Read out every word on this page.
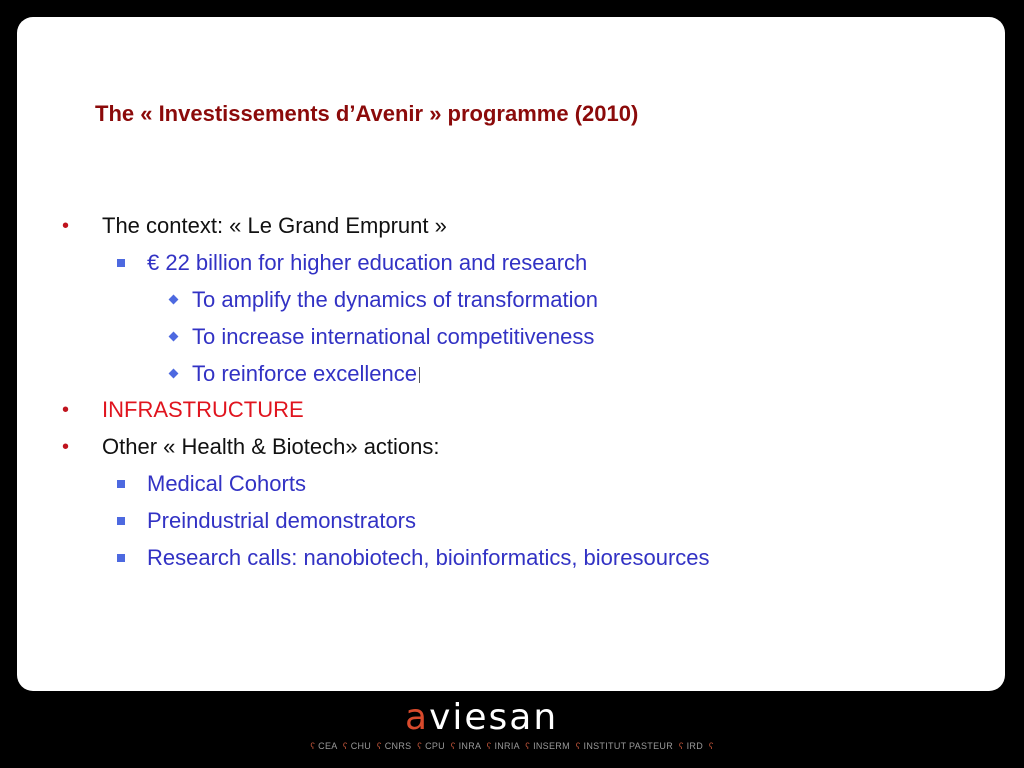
The « Investissements d’Avenir » programme (2010)
• The context: « Le Grand Emprunt »
€ 22 billion for higher education and research
To amplify the dynamics of transformation
To increase international competitiveness
To reinforce excellence
• INFRASTRUCTURE
• Other « Health & Biotech» actions:
Medical Cohorts
Preindustrial demonstrators
Research calls: nanobiotech, bioinformatics, bioresources
aviesan
ʕ CEA ʕ CHU ʕ CNRS ʕ CPU ʕ INRA ʕ INRIA ʕ INSERM ʕ INSTITUT PASTEUR ʕ IRD ʕ
